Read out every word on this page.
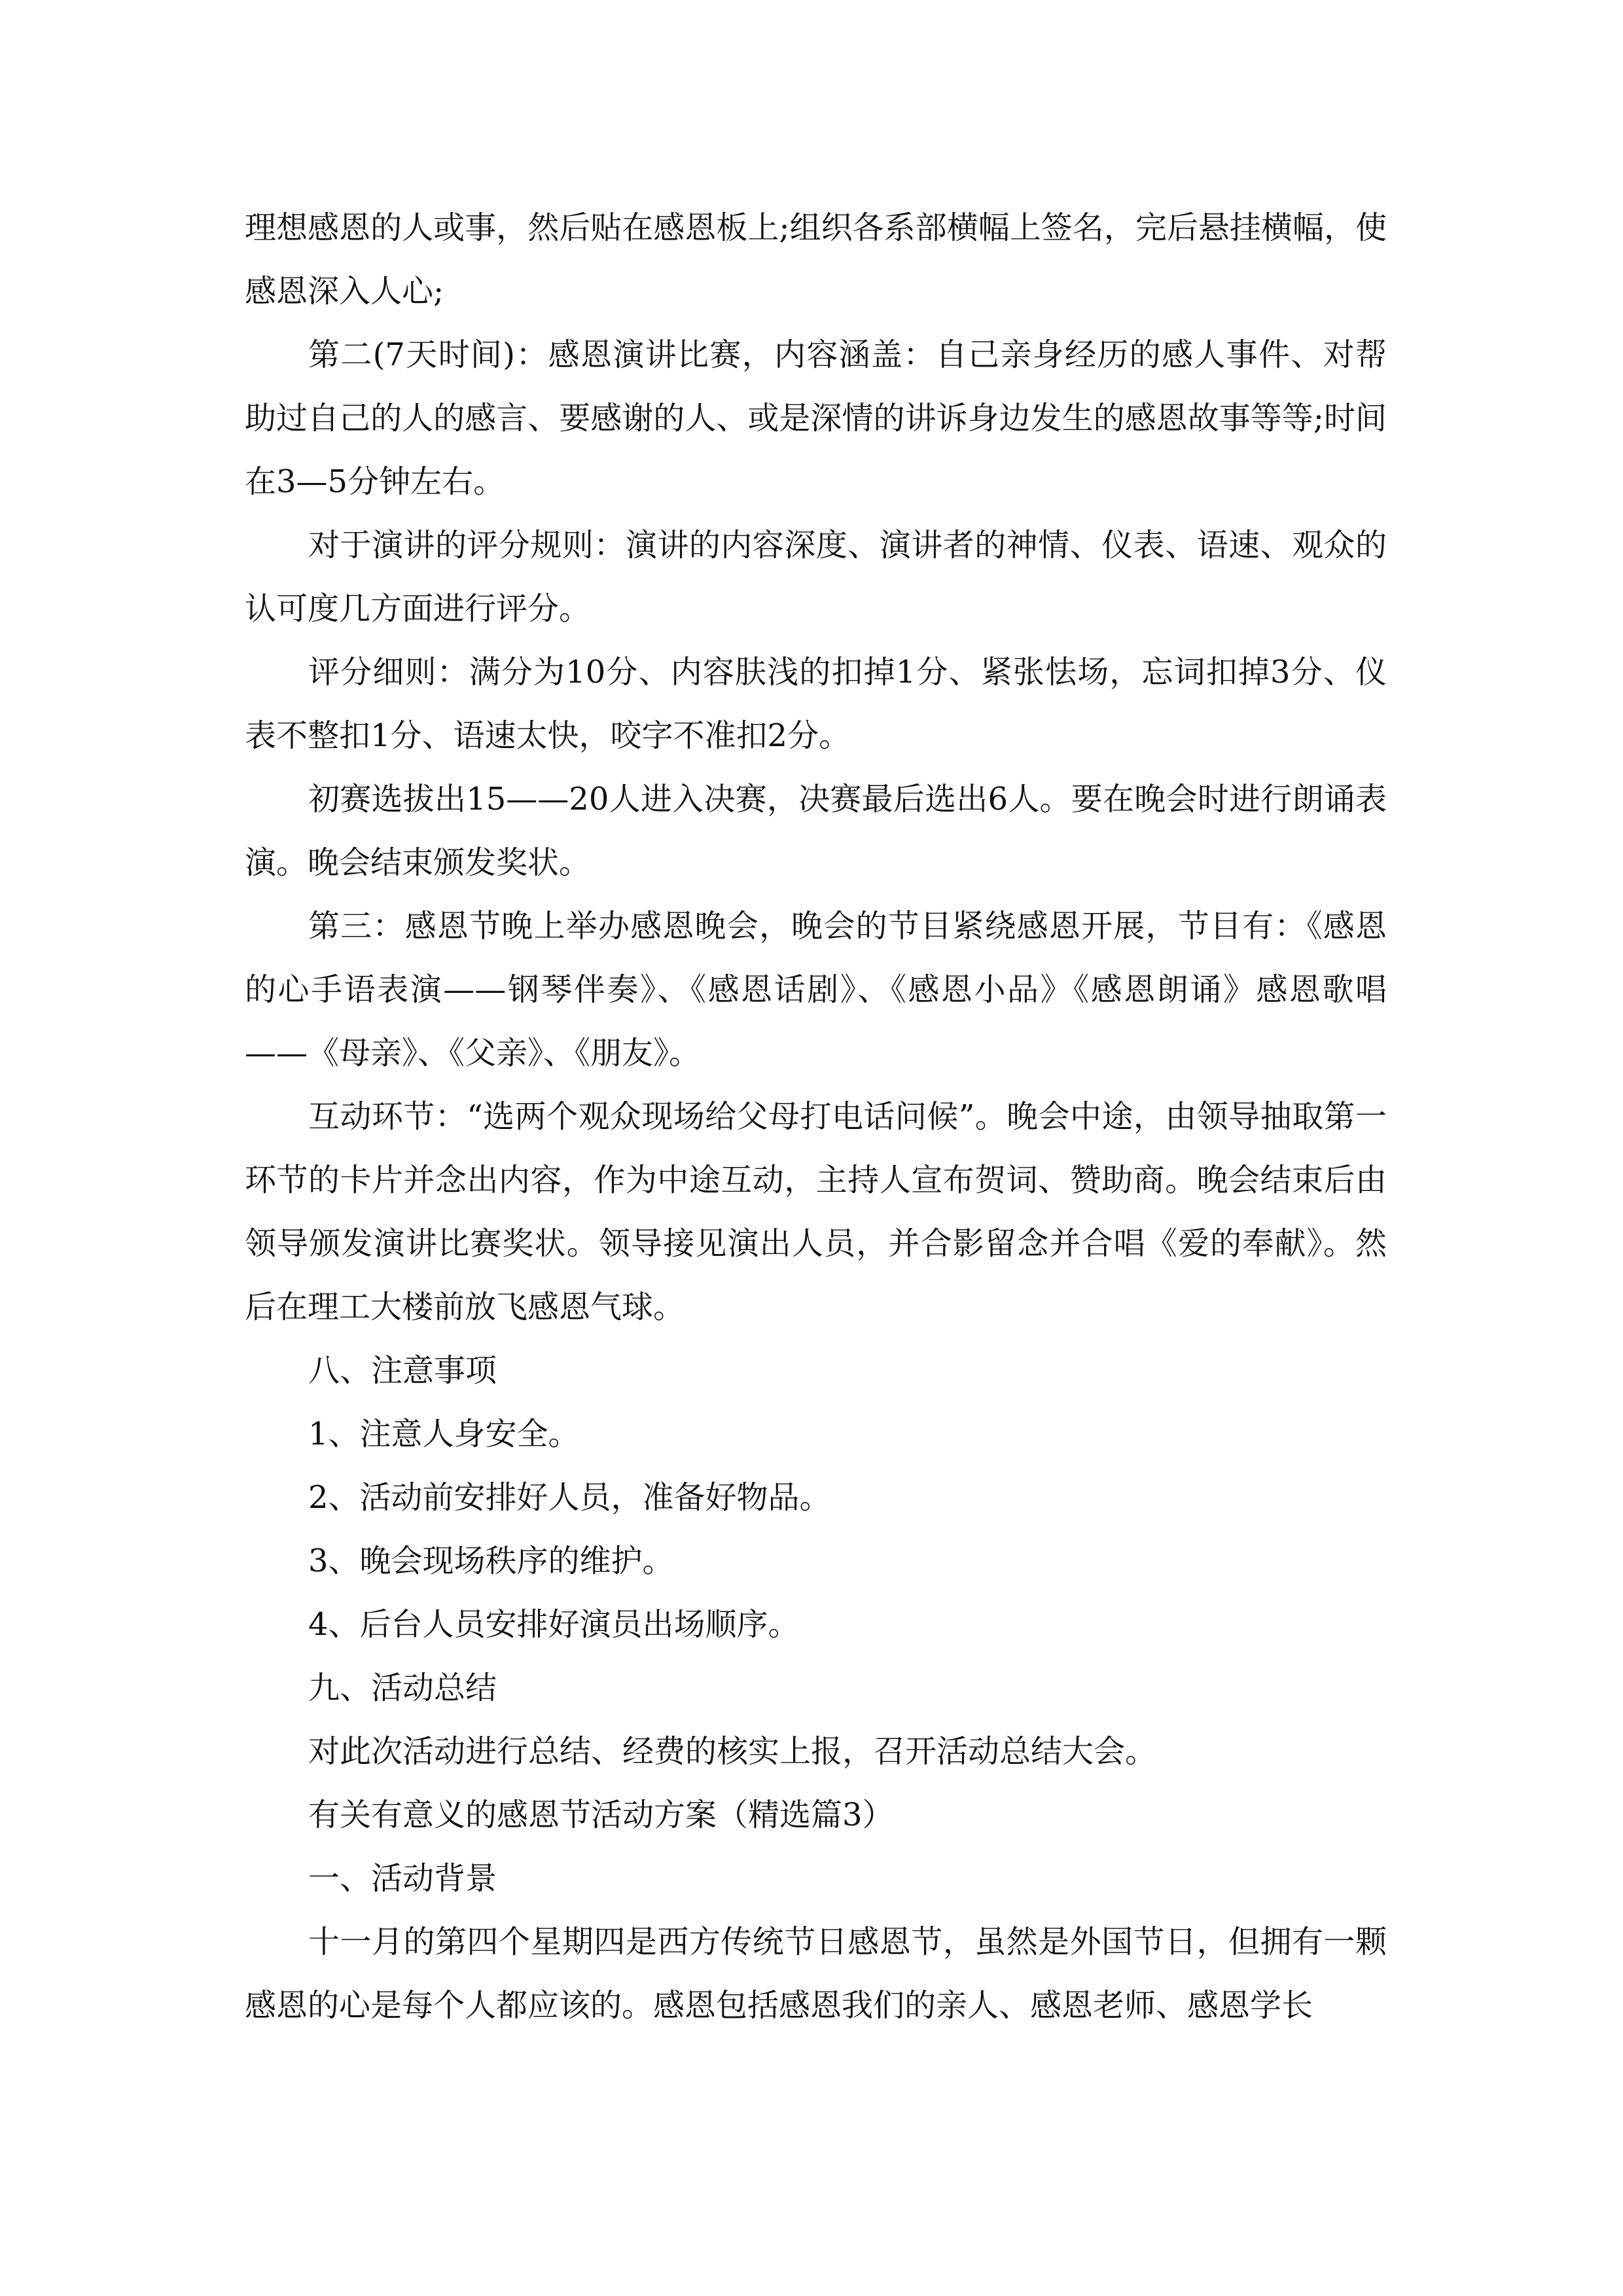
理想感恩的人或事，然后贴在感恩板上;组织各系部横幅上签名，完后悬挂横幅，使感恩深入人心;

第二(7天时间)：感恩演讲比赛，内容涵盖：自己亲身经历的感人事件、对帮助过自己的人的感言、要感谢的人、或是深情的讲诉身边发生的感恩故事等等;时间在3—5分钟左右。

对于演讲的评分规则：演讲的内容深度、演讲者的神情、仪表、语速、观众的认可度几方面进行评分。

评分细则：满分为10分、内容肤浅的扣掉1分、紧张怯场，忘词扣掉3分、仪表不整扣1分、语速太快，咬字不准扣2分。

初赛选拔出15——20人进入决赛，决赛最后选出6人。要在晚会时进行朗诵表演。晚会结束颁发奖状。

第三：感恩节晚上举办感恩晚会，晚会的节目紧绕感恩开展，节目有：《感恩的心手语表演——钢琴伴奏》、《感恩话剧》、《感恩小品》《感恩朗诵》感恩歌唱——《母亲》、《父亲》、《朋友》。

互动环节：“选两个观众现场给父母打电话问候”。晚会中途，由领导抽取第一环节的卡片并念出内容，作为中途互动，主持人宣布贺词、赞助商。晚会结束后由领导颁发演讲比赛奖状。领导接见演出人员，并合影留念并合唱《爱的奉献》。然后在理工大楼前放飞感恩气球。

八、注意事项

1、注意人身安全。

2、活动前安排好人员，准备好物品。

3、晚会现场秩序的维护。

4、后台人员安排好演员出场顺序。

九、活动总结

对此次活动进行总结、经费的核实上报，召开活动总结大会。

有关有意义的感恩节活动方案（精选篇3）

一、活动背景

十一月的第四个星期四是西方传统节日感恩节，虽然是外国节日，但拥有一颗感恩的心是每个人都应该的。感恩包括感恩我们的亲人、感恩老师、感恩学长
